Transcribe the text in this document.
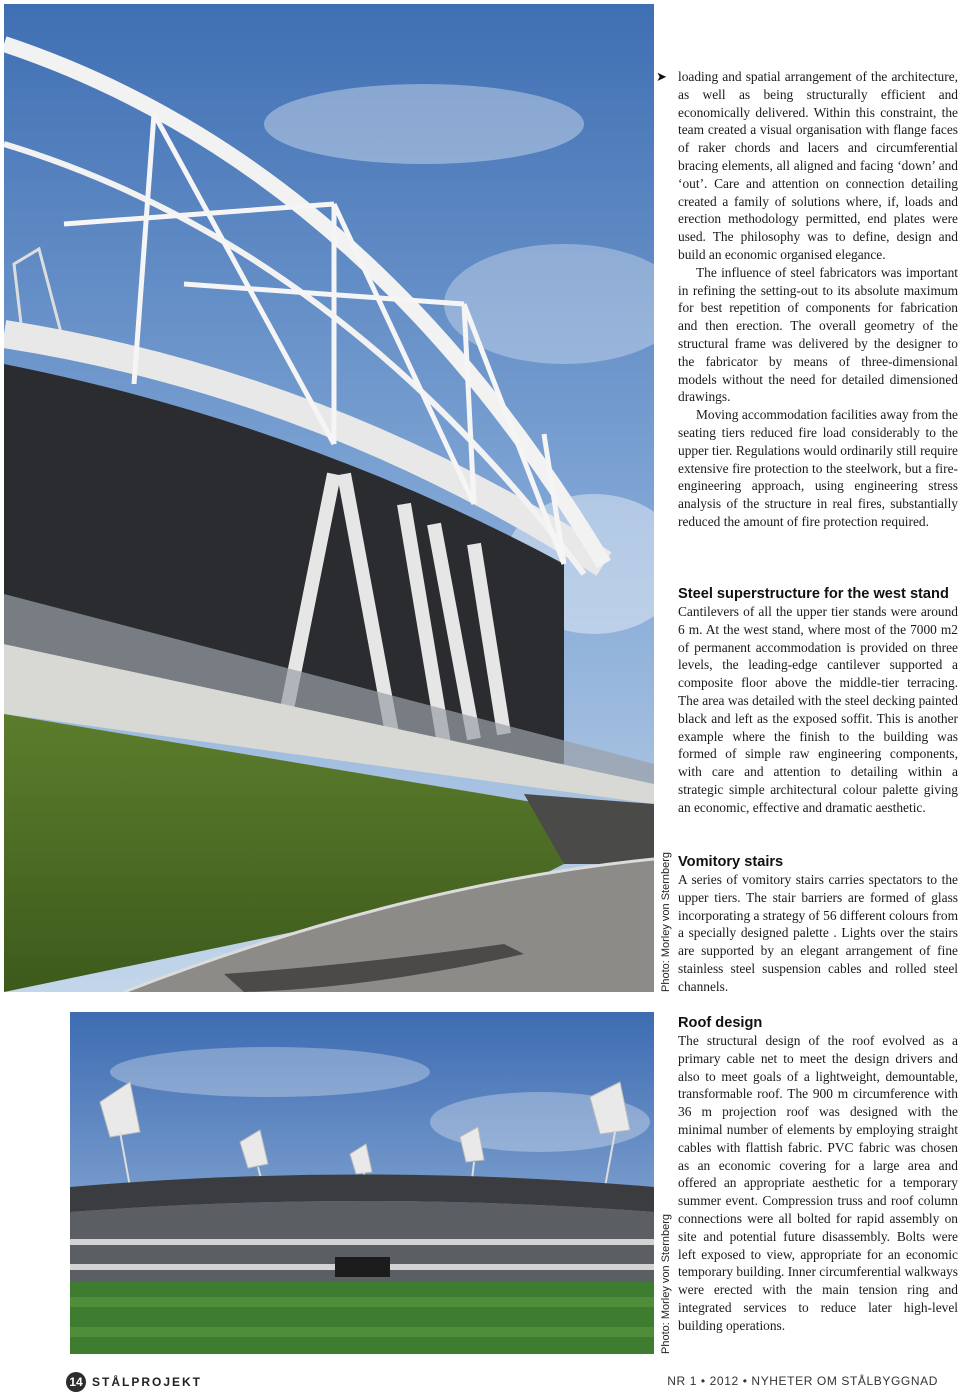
Photo: Morley von Sternberg
Photo: Morley von Sternberg
➤ loading and spatial arrangement of the architecture, as well as being structurally efficient and economically delivered. Within this constraint, the team created a visual organisation with flange faces of raker chords and lacers and circumferential bracing elements, all aligned and facing ‘down’ and ‘out’. Care and attention on connection detailing created a family of solutions where, if, loads and erection methodology permitted, end plates were used. The philosophy was to define, design and build an economic organised elegance.

The influence of steel fabricators was important in refining the setting-out to its absolute maximum for best repetition of components for fabrication and then erection. The overall geometry of the structural frame was delivered by the designer to the fabricator by means of three-dimensional models without the need for detailed dimensioned drawings.

Moving accommodation facilities away from the seating tiers reduced fire load considerably to the upper tier. Regulations would ordinarily still require extensive fire protection to the steelwork, but a fire-engineering approach, using engineering stress analysis of the structure in real fires, substantially reduced the amount of fire protection required.

Steel superstructure for the west stand

Cantilevers of all the upper tier stands were around 6 m. At the west stand, where most of the 7000 m2 of permanent accommodation is provided on three levels, the leading-edge cantilever supported a composite floor above the middle-tier terracing. The area was detailed with the steel decking painted black and left as the exposed soffit. This is another example where the finish to the building was formed of simple raw engineering components, with care and attention to detailing within a strategic simple architectural colour palette giving an economic, effective and dramatic aesthetic.

Vomitory stairs

A series of vomitory stairs carries spectators to the upper tiers. The stair barriers are formed of glass incorporating a strategy of 56 different colours from a specially designed palette . Lights over the stairs are supported by an elegant arrangement of fine stainless steel suspension cables and rolled steel channels.

Roof design

The structural design of the roof evolved as a primary cable net to meet the design drivers and also to meet goals of a lightweight, demountable, transformable roof. The 900 m circumference with 36 m projection roof was designed with the minimal number of elements by employing straight cables with flattish fabric. PVC fabric was chosen as an economic covering for a large area and offered an appropriate aesthetic for a temporary summer event. Compression truss and roof column connections were all bolted for rapid assembly on site and potential future disassembly. Bolts were left exposed to view, appropriate for an economic temporary building. Inner circumferential walkways were erected with the main tension ring and integrated services to reduce later high-level building operations.

14 STÅLPROJEKT	NR 1 • 2012 • NYHETER OM STÅLBYGGNAD
